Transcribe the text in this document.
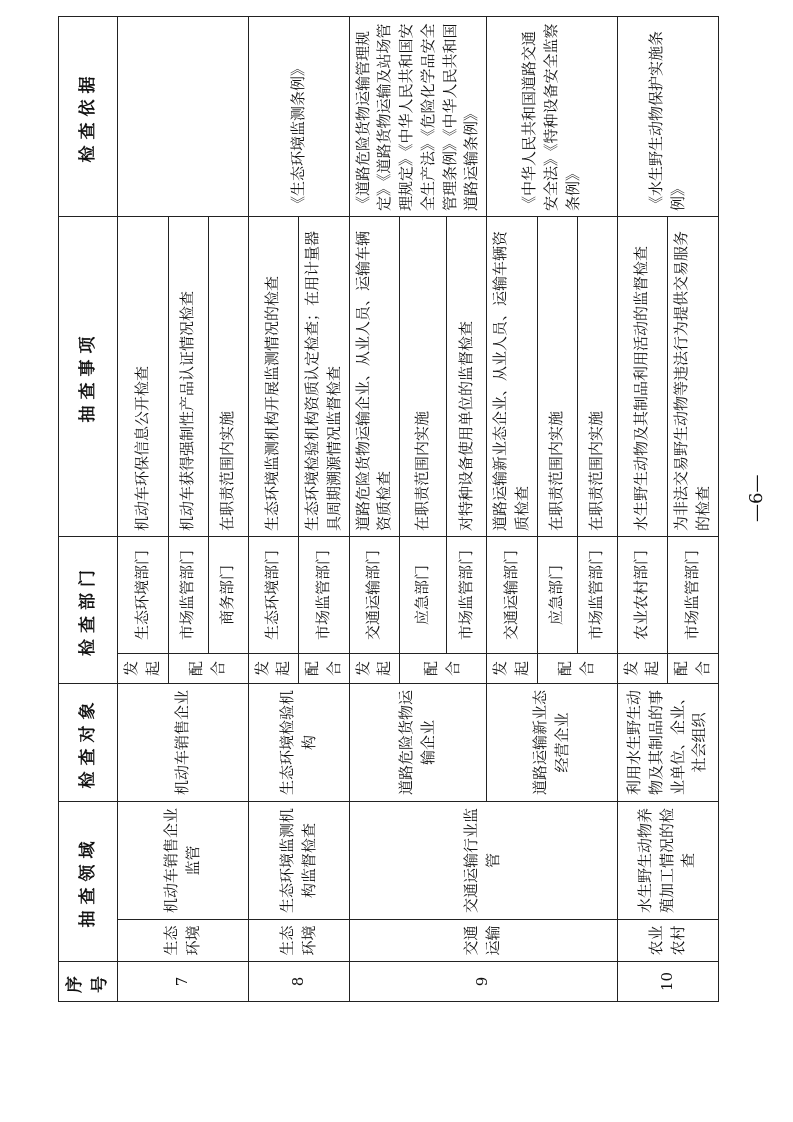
序号	抽查领域		检查对象	检查部门		抽查事项	检查依据
7	生态环境	机动车销售企业监管	机动车销售企业	发起	生态环境部门	机动车环保信息公开检查	
				配合	市场监管部门	机动车获得强制性产品认证情况检查	
					商务部门	在职责范围内实施	
8	生态环境	生态环境监测机构监督检查	生态环境检验机构	发起	生态环境部门	生态环境监测机构开展监测情况的检查	《生态环境监测条例》
				配合	市场监管部门	生态环境检验机构资质认定检查；在用计量器具周期溯源情况监督检查	
9	交通运输	交通运输行业监管	道路危险货物运输企业	发起	交通运输部门	道路危险货物运输企业、从业人员、运输车辆资质检查	《道路危险货物运输管理规定》《道路货物运输及站场管理规定》《中华人民共和国安全生产法》《危险化学品安全管理条例》《中华人民共和国道路运输条例》
				配合	应急部门	在职责范围内实施	
					市场监管部门	对特种设备使用单位的监督检查	
			道路运输新业态经营企业	发起	交通运输部门	道路运输新业态企业、从业人员、运输车辆资质检查	《中华人民共和国道路交通安全法》《特种设备安全监察条例》
				配合	应急部门	在职责范围内实施	
					市场监管部门	在职责范围内实施	
10	农业农村	水生野生动物养殖加工情况的检查	利用水生野生动物及其制品的事业单位、企业、社会组织	发起	农业农村部门	水生野生动物及其制品利用活动的监督检查	《水生野生动物保护实施条例》
				配合	市场监管部门	为非法交易野生动物等违法行为提供交易服务的检查	—6—
